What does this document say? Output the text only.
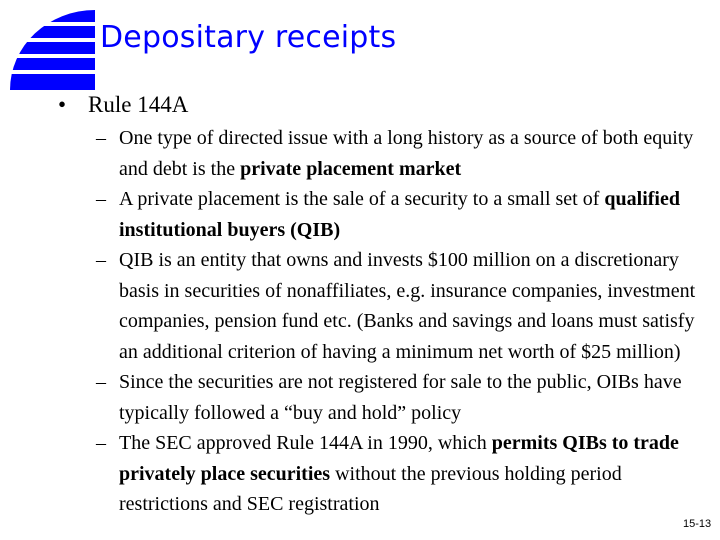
Depositary receipts
• Rule 144A
– One type of directed issue with a long history as a source of both equity and debt is the private placement market
– A private placement is the sale of a security to a small set of qualified institutional buyers (QIB)
– QIB is an entity that owns and invests $100 million on a discretionary basis in securities of nonaffiliates, e.g. insurance companies, investment companies, pension fund etc. (Banks and savings and loans must satisfy an additional criterion of having a minimum net worth of $25 million)
– Since the securities are not registered for sale to the public, OIBs have typically followed a “buy and hold” policy
– The SEC approved Rule 144A in 1990, which permits QIBs to trade privately place securities without the previous holding period restrictions and SEC registration
15-13
